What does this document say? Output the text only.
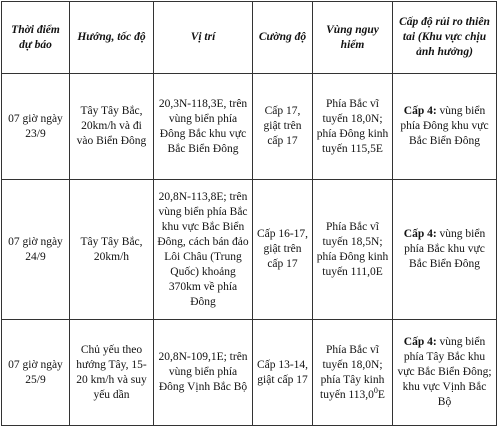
Thời điểm dự báo	Hướng, tốc độ	Vị trí	Cường độ	Vùng nguy hiểm	Cấp độ rủi ro thiên tai (Khu vực chịu ảnh hưởng)
07 giờ ngày 23/9	Tây Tây Bắc, 20km/h và đi vào Biển Đông	20,3N-118,3E, trên vùng biển phía Đông Bắc khu vực Bắc Biển Đông	Cấp 17, giật trên cấp 17	Phía Bắc vĩ tuyến 18,0N; phía Đông kinh tuyến 115,5E	Cấp 4: vùng biển phía Đông khu vực Bắc Biển Đông
07 giờ ngày 24/9	Tây Tây Bắc, 20km/h	20,8N-113,8E; trên vùng biển phía Bắc khu vực Bắc Biển Đông, cách bán đảo Lôi Châu (Trung Quốc) khoảng 370km về phía Đông	Cấp 16-17, giật trên cấp 17	Phía Bắc vĩ tuyến 18,5N; phía Đông kinh tuyến 111,0E	Cấp 4: vùng biển phía Bắc khu vực Bắc Biển Đông
07 giờ ngày 25/9	Chủ yếu theo hướng Tây, 15-20 km/h và suy yếu dần	20,8N-109,1E; trên vùng biển phía Đông Vịnh Bắc Bộ	Cấp 13-14, giật cấp 17	Phía Bắc vĩ tuyến 18,0N; phía Tây kinh tuyến 113,0$^0$E	Cấp 4: vùng biển phía Tây Bắc khu vực Bắc Biển Đông; khu vực Vịnh Bắc Bộ
